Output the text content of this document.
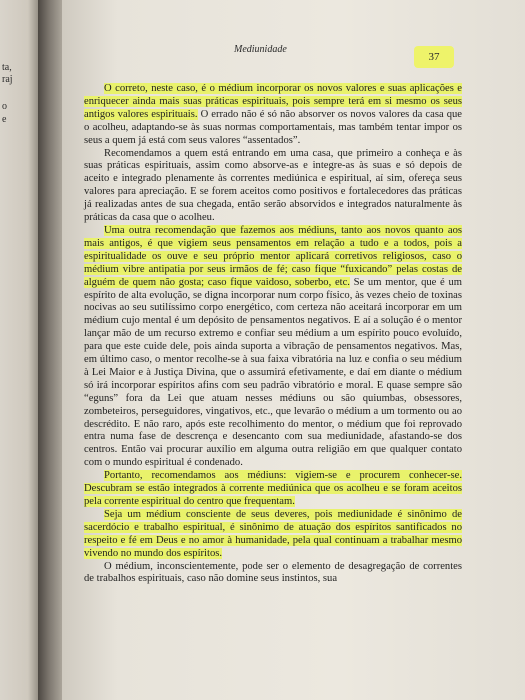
ta,
raj
o
e
Mediunidade
37

O correto, neste caso, é o médium incorporar os novos valores e suas aplicações e enriquecer ainda mais suas práticas espirituais, pois sempre terá em si mesmo os seus antigos valores espirituais. O errado não é só não absorver os novos valores da casa que o acolheu, adaptando-se às suas normas comportamentais, mas também tentar impor os seus a quem já está com seus valores “assentados”.

Recomendamos a quem está entrando em uma casa, que primeiro a conheça e às suas práticas espirituais, assim como absorve-as e integre-as às suas e só depois de aceito e integrado plenamente às correntes mediúnica e espiritual, aí sim, ofereça seus valores para apreciação. E se forem aceitos como positivos e fortalecedores das práticas já realizadas antes de sua chegada, então serão absorvidos e integrados naturalmente às práticas da casa que o acolheu.

Uma outra recomendação que fazemos aos médiuns, tanto aos novos quanto aos mais antigos, é que vigiem seus pensamentos em relação a tudo e a todos, pois a espiritualidade os ouve e seu próprio mentor aplicará corretivos religiosos, caso o médium vibre antipatia por seus irmãos de fé; caso fique “fuxicando” pelas costas de alguém de quem não gosta; caso fique vaidoso, soberbo, etc. Se um mentor, que é um espírito de alta evolução, se digna incorporar num corpo físico, às vezes cheio de toxinas nocivas ao seu sutilíssimo corpo energético, com certeza não aceitará incorporar em um médium cujo mental é um depósito de pensamentos negativos. E aí a solução é o mentor lançar mão de um recurso extremo e confiar seu médium a um espírito pouco evoluído, para que este cuide dele, pois ainda suporta a vibração de pensamentos negativos. Mas, em último caso, o mentor recolhe-se à sua faixa vibratória na luz e confia o seu médium à Lei Maior e à Justiça Divina, que o assumirá efetivamente, e daí em diante o médium só irá incorporar espíritos afins com seu padrão vibratório e moral. E quase sempre são “eguns” fora da Lei que atuam nesses médiuns ou são quiumbas, obsessores, zombeteiros, perseguidores, vingativos, etc., que levarão o médium a um tormento ou ao descrédito. E não raro, após este recolhimento do mentor, o médium que foi reprovado entra numa fase de descrença e desencanto com sua mediunidade, afastando-se dos centros. Então vai procurar auxílio em alguma outra religião em que qualquer contato com o mundo espiritual é condenado.

Portanto, recomendamos aos médiuns: vigiem-se e procurem conhecer-se. Descubram se estão integrados à corrente mediúnica que os acolheu e se foram aceitos pela corrente espiritual do centro que frequentam.

Seja um médium consciente de seus deveres, pois mediunidade é sinônimo de sacerdócio e trabalho espiritual, é sinônimo de atuação dos espíritos santificados no respeito e fé em Deus e no amor à humanidade, pela qual continuam a trabalhar mesmo vivendo no mundo dos espíritos.

O médium, inconscientemente, pode ser o elemento de desagregação de correntes de trabalhos espirituais, caso não domine seus instintos, sua
